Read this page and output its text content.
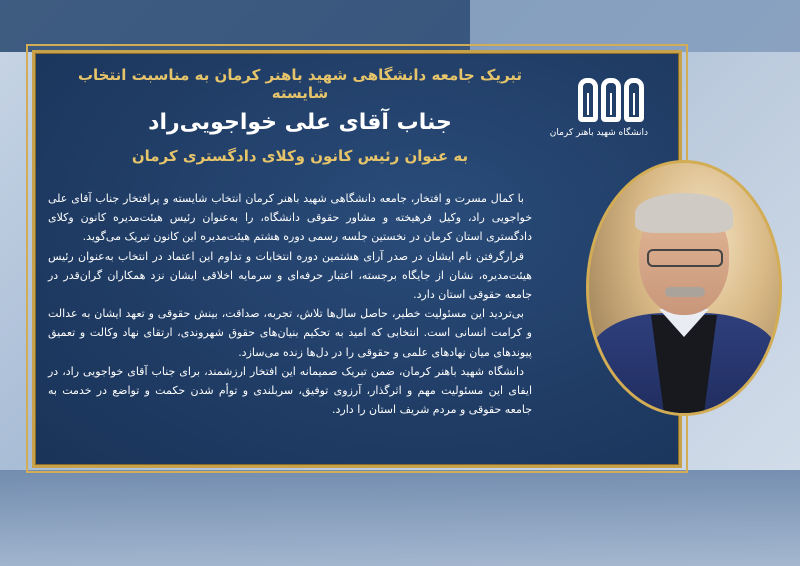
تبریک جامعه دانشگاهی شهید باهنر کرمان به مناسبت انتخاب شایسته

جناب آقای علی خواجویی‌راد

به عنوان رئیس کانون وکلای دادگستری کرمان

دانشگاه شهید باهنر کرمان

با کمال مسرت و افتخار، جامعه دانشگاهی شهید باهنر کرمان انتخاب شایسته و پرافتخار جناب آقای علی خواجویی راد، وکیل فرهیخته و مشاور حقوقی دانشگاه، را به‌عنوان رئیس هیئت‌مدیره کانون وکلای دادگستری استان کرمان در نخستین جلسه رسمی دوره هشتم هیئت‌مدیره این کانون تبریک می‌گوید.

قرارگرفتن نام ایشان در صدر آرای هشتمین دوره انتخابات و تداوم این اعتماد در انتخاب به‌عنوان رئیس هیئت‌مدیره، نشان از جایگاه برجسته، اعتبار حرفه‌ای و سرمایه اخلاقی ایشان نزد همکاران گران‌قدر در جامعه حقوقی استان دارد.

بی‌تردید این مسئولیت خطیر، حاصل سال‌ها تلاش، تجربه، صداقت، بینش حقوقی و تعهد ایشان به عدالت و کرامت انسانی است. انتخابی که امید به تحکیم بنیان‌های حقوق شهروندی، ارتقای نهاد وکالت و تعمیق پیوندهای میان نهادهای علمی و حقوقی را در دل‌ها زنده می‌سازد.

دانشگاه شهید باهنر کرمان، ضمن تبریک صمیمانه این افتخار ارزشمند، برای جناب آقای خواجویی راد، در ایفای این مسئولیت مهم و اثرگذار، آرزوی توفیق، سربلندی و توأم شدن حکمت و تواضع در خدمت به جامعه حقوقی و مردم شریف استان را دارد.
